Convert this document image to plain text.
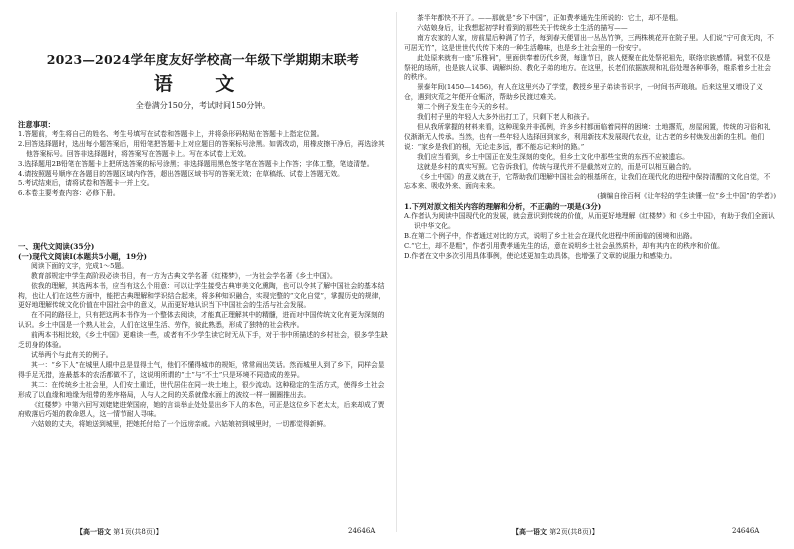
2023—2024学年度友好学校高一年级下学期期末联考
语 文
全卷满分150分，考试时间150分钟。

注意事项：

1.答题前，考生将自己的姓名、考生号填写在试卷和答题卡上，并将条形码粘贴在答题卡上指定位置。

2.回答选择题时，选出每小题答案后，用铅笔把答题卡上对应题目的答案标号涂黑。如需改动，用橡皮擦干净后，再选涂其他答案标号。回答非选择题时，将答案写在答题卡上。写在本试卷上无效。

3.选择题用2B铅笔在答题卡上把所选答案的标号涂黑；非选择题用黑色签字笔在答题卡上作答；字体工整，笔迹清楚。

4.请按照题号顺序在各题目的答题区域内作答，超出答题区域书写的答案无效；在草稿纸、试卷上答题无效。

5.考试结束后，请将试卷和答题卡一并上交。

6.本卷主要考查内容：必修下册。

一、现代文阅读(35分)

(一)现代文阅读Ⅰ(本题共5小题，19分)

阅读下面的文字，完成1～5题。

教育部规定中学生高阶段必读书目，有一方为古典文学名著《红楼梦》，一为社会学名著《乡土中国》。

依我的理解，其选两本书，应当有这么个用意：可以让学生接受古典审美文化熏陶，也可以令其了解中国社会的基本结构，也让人们在这些方面中，能把古典理解和学识结合起来，将多种知识融合，实现完整的“文化自觉”，掌握历史的规律，更好地理解传统文化价值在中国社会中的意义，从而更好地认识当下中国社会的生活与社会发展。

在不同的路径上，只有把这两本书作为一个整体去阅读，才能真正理解其中的精髓，进而对中国传统文化有更为深刻的认识。乡土中国是一个熟人社会，人们在这里生活、劳作，彼此熟悉，形成了独特的社会秩序。

前两本书相比较，《乡土中国》更难读一些，或者有不少学生读它时无从下手，对于书中所描述的乡村社会，很多学生缺乏切身的体验。

试举两个与此有关的例子。

其一：“乡下人”在城里人眼中总是显得土气，他们不懂得城市的规矩，常常闹出笑话。然而城里人到了乡下，同样会显得手足无措，连最基本的农活都做不了，这说明所谓的“土”与“不土”只是环境不同造成的差异。

其二：在传统乡土社会里，人们安土重迁，世代居住在同一块土地上，很少流动。这种稳定的生活方式，使得乡土社会形成了以血缘和地缘为纽带的差序格局，人与人之间的关系就像水面上的波纹一样一圈圈推出去。

《红楼梦》中第六回写刘姥姥进荣国府，她的言谈举止处处显出乡下人的本色，可正是这位乡下老太太，后来却成了贾府败落后巧姐的救命恩人，这一情节耐人寻味。

六姑娘的丈夫，将她送到城里，把她托付给了一个远房亲戚。六姑娘初到城里时，一切都觉得新鲜。

【高一语文 第1页(共8页)】	24646A

茶半年都快不开了。——那就是“乡下中国”，正如费孝通先生所说的：它土，却不是粗。

六姑娘身后，让我想起初学时看到的那些关于传统乡土生活的描写——

南方农家的人家，房前屋后种满了竹子，每到春天便冒出一丛丛竹笋，三两株桃花开在院子里。人们说“宁可食无肉，不可居无竹”，这是世世代代传下来的一种生活趣味，也是乡土社会里的一份安宁。

此处原来就有一座“乐雅祠”，里面供奉着历代乡贤，每逢节日，族人便聚在此处祭祀祖先，联络宗族感情。祠堂不仅是祭祀的场所，也是族人议事、调解纠纷、教化子弟的地方。在这里，长老们依据族规和礼俗处理各种事务，维系着乡土社会的秩序。

景泰年间(1450—1456)，有人在这里兴办了学堂，教授乡里子弟读书识字，一时间书声琅琅。后来这里又增设了义仓，遇到灾荒之年便开仓赈济，帮助乡民渡过难关。

第二个例子发生在今天的乡村。

我们村子里的年轻人大多外出打工了，只剩下老人和孩子。

但从我所掌握的材料来看，这种现象并非孤例，许多乡村都面临着同样的困境：土地撂荒，房屋闲置，传统的习俗和礼仪渐渐无人传承。当然，也有一些年轻人选择回到家乡，利用新技术发展现代农业，让古老的乡村焕发出新的生机。他们说：“家乡是我们的根，无论走多远，都不能忘记来时的路。”

我们应当看到，乡土中国正在发生深刻的变化，但乡土文化中那些宝贵的东西不应被遗忘。

这就是乡村的真实写照。它告诉我们，传统与现代并不是截然对立的，而是可以相互融合的。

《乡土中国》的意义就在于，它帮助我们理解中国社会的根基所在，让我们在现代化的进程中保持清醒的文化自觉，不忘本来、吸收外来、面向未来。

(摘编自徐百柯《让年轻的学生读懂一位“乡土中国”的学者》)

1.下列对原文相关内容的理解和分析，不正确的一项是(3分)

A.作者认为阅读中国现代化的发展，就会意识到传统的价值，从而更好地理解《红楼梦》和《乡土中国》，有助于我们全面认识中华文化。

B.在第二个例子中，作者通过对比的方式，说明了乡土社会在现代化进程中所面临的困境和出路。

C.“它土，却不是粗”，作者引用费孝通先生的话，意在说明乡土社会虽然质朴，却有其内在的秩序和价值。

D.作者在文中多次引用具体事例，使论述更加生动具体，也增强了文章的说服力和感染力。

【高一语文 第2页(共8页)】	24646A
